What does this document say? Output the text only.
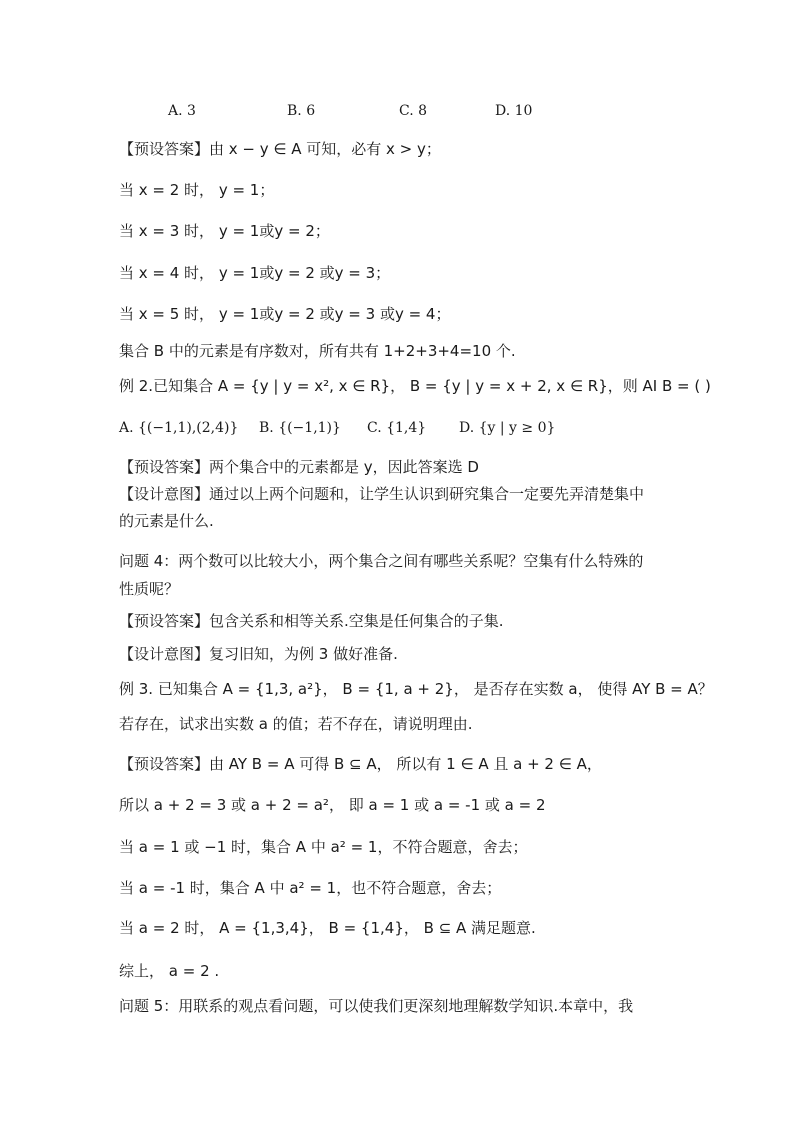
A. 3	B. 6	C. 8	D. 10
【预设答案】由 x − y ∈ A 可知，必有 x > y；
当 x = 2 时， y = 1；
当 x = 3 时， y = 1或y = 2；
当 x = 4 时， y = 1或y = 2 或y = 3；
当 x = 5 时， y = 1或y = 2 或y = 3 或y = 4；
集合 B 中的元素是有序数对，所有共有 1+2+3+4=10 个.
例 2.已知集合 A = {y | y = x², x ∈ R}， B = {y | y = x + 2, x ∈ R}，则 AI B = ( )
A. {(−1,1),(2,4)} B. {(−1,1)} C. {1,4} D. {y | y ≥ 0}
【预设答案】两个集合中的元素都是 y，因此答案选 D
【设计意图】通过以上两个问题和，让学生认识到研究集合一定要先弄清楚集中
的元素是什么.
问题 4：两个数可以比较大小，两个集合之间有哪些关系呢？空集有什么特殊的
性质呢？
【预设答案】包含关系和相等关系.空集是任何集合的子集.
【设计意图】复习旧知，为例 3 做好准备.
例 3. 已知集合 A = {1,3, a²}， B = {1, a + 2}， 是否存在实数 a， 使得 AY B = A？
若存在，试求出实数 a 的值；若不存在，请说明理由.
【预设答案】由 AY B = A 可得 B ⊆ A， 所以有 1 ∈ A 且 a + 2 ∈ A，
所以 a + 2 = 3 或 a + 2 = a²， 即 a = 1 或 a = -1 或 a = 2
当 a = 1 或 −1 时，集合 A 中 a² = 1，不符合题意，舍去；
当 a = -1 时，集合 A 中 a² = 1，也不符合题意，舍去；
当 a = 2 时， A = {1,3,4}， B = {1,4}， B ⊆ A 满足题意.
综上， a = 2 .
问题 5：用联系的观点看问题，可以使我们更深刻地理解数学知识.本章中，我
